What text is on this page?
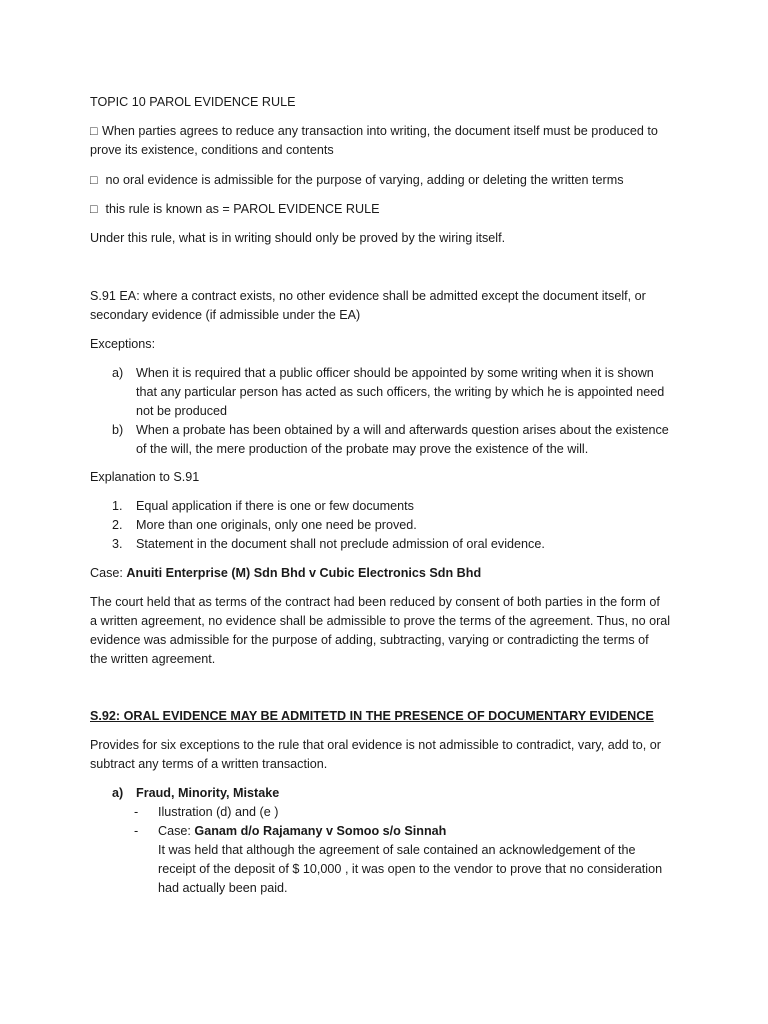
TOPIC 10 PAROL EVIDENCE RULE
□ When parties agrees to reduce any transaction into writing, the document itself must be produced to
prove its existence, conditions and contents
□ no oral evidence is admissible for the purpose of varying, adding or deleting the written terms
□ this rule is known as = PAROL EVIDENCE RULE
Under this rule, what is in writing should only be proved by the wiring itself.
S.91 EA: where a contract exists, no other evidence shall be admitted except the document itself, or
secondary evidence (if admissible under the EA)
Exceptions:
a) When it is required that a public officer should be appointed by some writing when it is shown
that any particular person has acted as such officers, the writing by which he is appointed need
not be produced
b) When a probate has been obtained by a will and afterwards question arises about the existence
of the will, the mere production of the probate may prove the existence of the will.
Explanation to S.91
1. Equal application if there is one or few documents
2. More than one originals, only one need be proved.
3. Statement in the document shall not preclude admission of oral evidence.
Case: Anuiti Enterprise (M) Sdn Bhd v Cubic Electronics Sdn Bhd
The court held that as terms of the contract had been reduced by consent of both parties in the form of
a written agreement, no evidence shall be admissible to prove the terms of the agreement. Thus, no oral
evidence was admissible for the purpose of adding, subtracting, varying or contradicting the terms of
the written agreement.
S.92: ORAL EVIDENCE MAY BE ADMITETD IN THE PRESENCE OF DOCUMENTARY EVIDENCE
Provides for six exceptions to the rule that oral evidence is not admissible to contradict, vary, add to, or
subtract any terms of a written transaction.
a) Fraud, Minority, Mistake
- Ilustration (d) and (e )
- Case: Ganam d/o Rajamany v Somoo s/o Sinnah
It was held that although the agreement of sale contained an acknowledgement of the
receipt of the deposit of $ 10,000 , it was open to the vendor to prove that no consideration
had actually been paid.
